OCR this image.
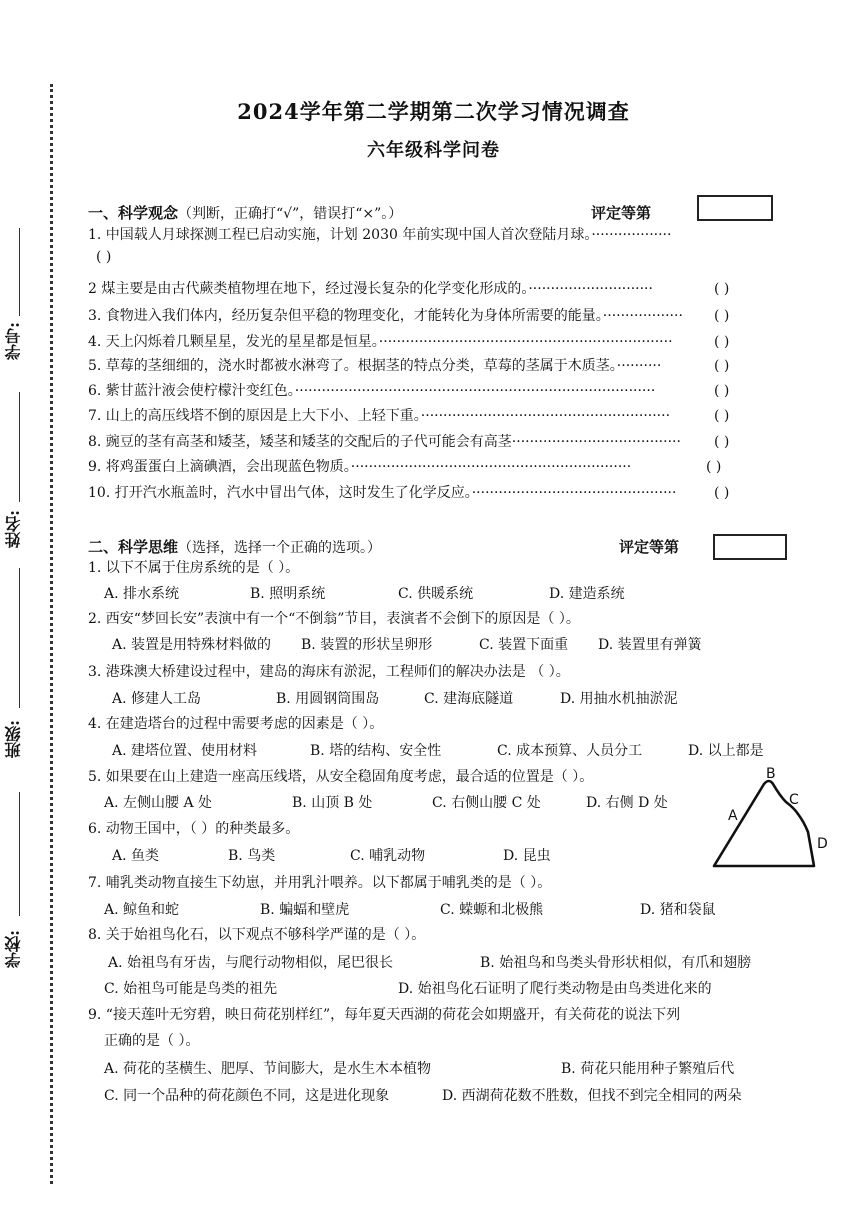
学号:
姓名:
班级:
学校:
2024学年第二学期第二次学习情况调查
六年级科学问卷
一、科学观念（判断，正确打“√”，错误打“×”。）	评定等第
1. 中国载人月球探测工程已启动实施，计划 2030 年前实现中国人首次登陆月球。··················
( )
2 煤主要是由古代蕨类植物埋在地下，经过漫长复杂的化学变化形成的。····························	( )
3. 食物进入我们体内，经历复杂但平稳的物理变化，才能转化为身体所需要的能量。·················· ( )
4. 天上闪烁着几颗星星，发光的星星都是恒星。··································································	( )
5. 草莓的茎细细的，浇水时都被水淋弯了。根据茎的特点分类，草莓的茎属于木质茎。··········	( )
6. 紫甘蓝汁液会使柠檬汁变红色。·················································································	( )
7. 山上的高压线塔不倒的原因是上大下小、上轻下重。························································	( )
8. 豌豆的茎有高茎和矮茎，矮茎和矮茎的交配后的子代可能会有高茎······································ ( )
9. 将鸡蛋蛋白上滴碘酒，会出现蓝色物质。·······························································	( )
10. 打开汽水瓶盖时，汽水中冒出气体，这时发生了化学反应。··············································	( )
二、科学思维（选择，选择一个正确的选项。）	评定等第
1. 以下不属于住房系统的是（ ）。
A. 排水系统	B. 照明系统	C. 供暖系统	D. 建造系统
2. 西安“梦回长安”表演中有一个“不倒翁”节目，表演者不会倒下的原因是（ ）。
A. 装置是用特殊材料做的 B. 装置的形状呈卵形	C. 装置下面重 D. 装置里有弹簧
3. 港珠澳大桥建设过程中，建岛的海床有淤泥，工程师们的解决办法是 （ ）。
A. 修建人工岛	B. 用圆钢筒围岛	C. 建海底隧道	D. 用抽水机抽淤泥
4. 在建造塔台的过程中需要考虑的因素是（ ）。
A. 建塔位置、使用材料	B. 塔的结构、安全性	C. 成本预算、人员分工	D. 以上都是
5. 如果要在山上建造一座高压线塔，从安全稳固角度考虑，最合适的位置是（ ）。
A. 左侧山腰 A 处	B. 山顶 B 处	C. 右侧山腰 C 处	D. 右侧 D 处
B
A
C
D
6. 动物王国中，（ ）的种类最多。
A. 鱼类	B. 鸟类	C. 哺乳动物	D. 昆虫
7. 哺乳类动物直接生下幼崽，并用乳汁喂养。以下都属于哺乳类的是（ ）。
A. 鲸鱼和蛇	B. 蝙蝠和壁虎	C. 蝾螈和北极熊	D. 猪和袋鼠
8. 关于始祖鸟化石，以下观点不够科学严谨的是（ ）。
A. 始祖鸟有牙齿，与爬行动物相似，尾巴很长	B. 始祖鸟和鸟类头骨形状相似，有爪和翅膀
C. 始祖鸟可能是鸟类的祖先	D. 始祖鸟化石证明了爬行类动物是由鸟类进化来的
9. “接天莲叶无穷碧，映日荷花别样红”，每年夏天西湖的荷花会如期盛开，有关荷花的说法下列
正确的是（ ）。
A. 荷花的茎横生、肥厚、节间膨大，是水生木本植物	B. 荷花只能用种子繁殖后代
C. 同一个品种的荷花颜色不同，这是进化现象	D. 西湖荷花数不胜数，但找不到完全相同的两朵
